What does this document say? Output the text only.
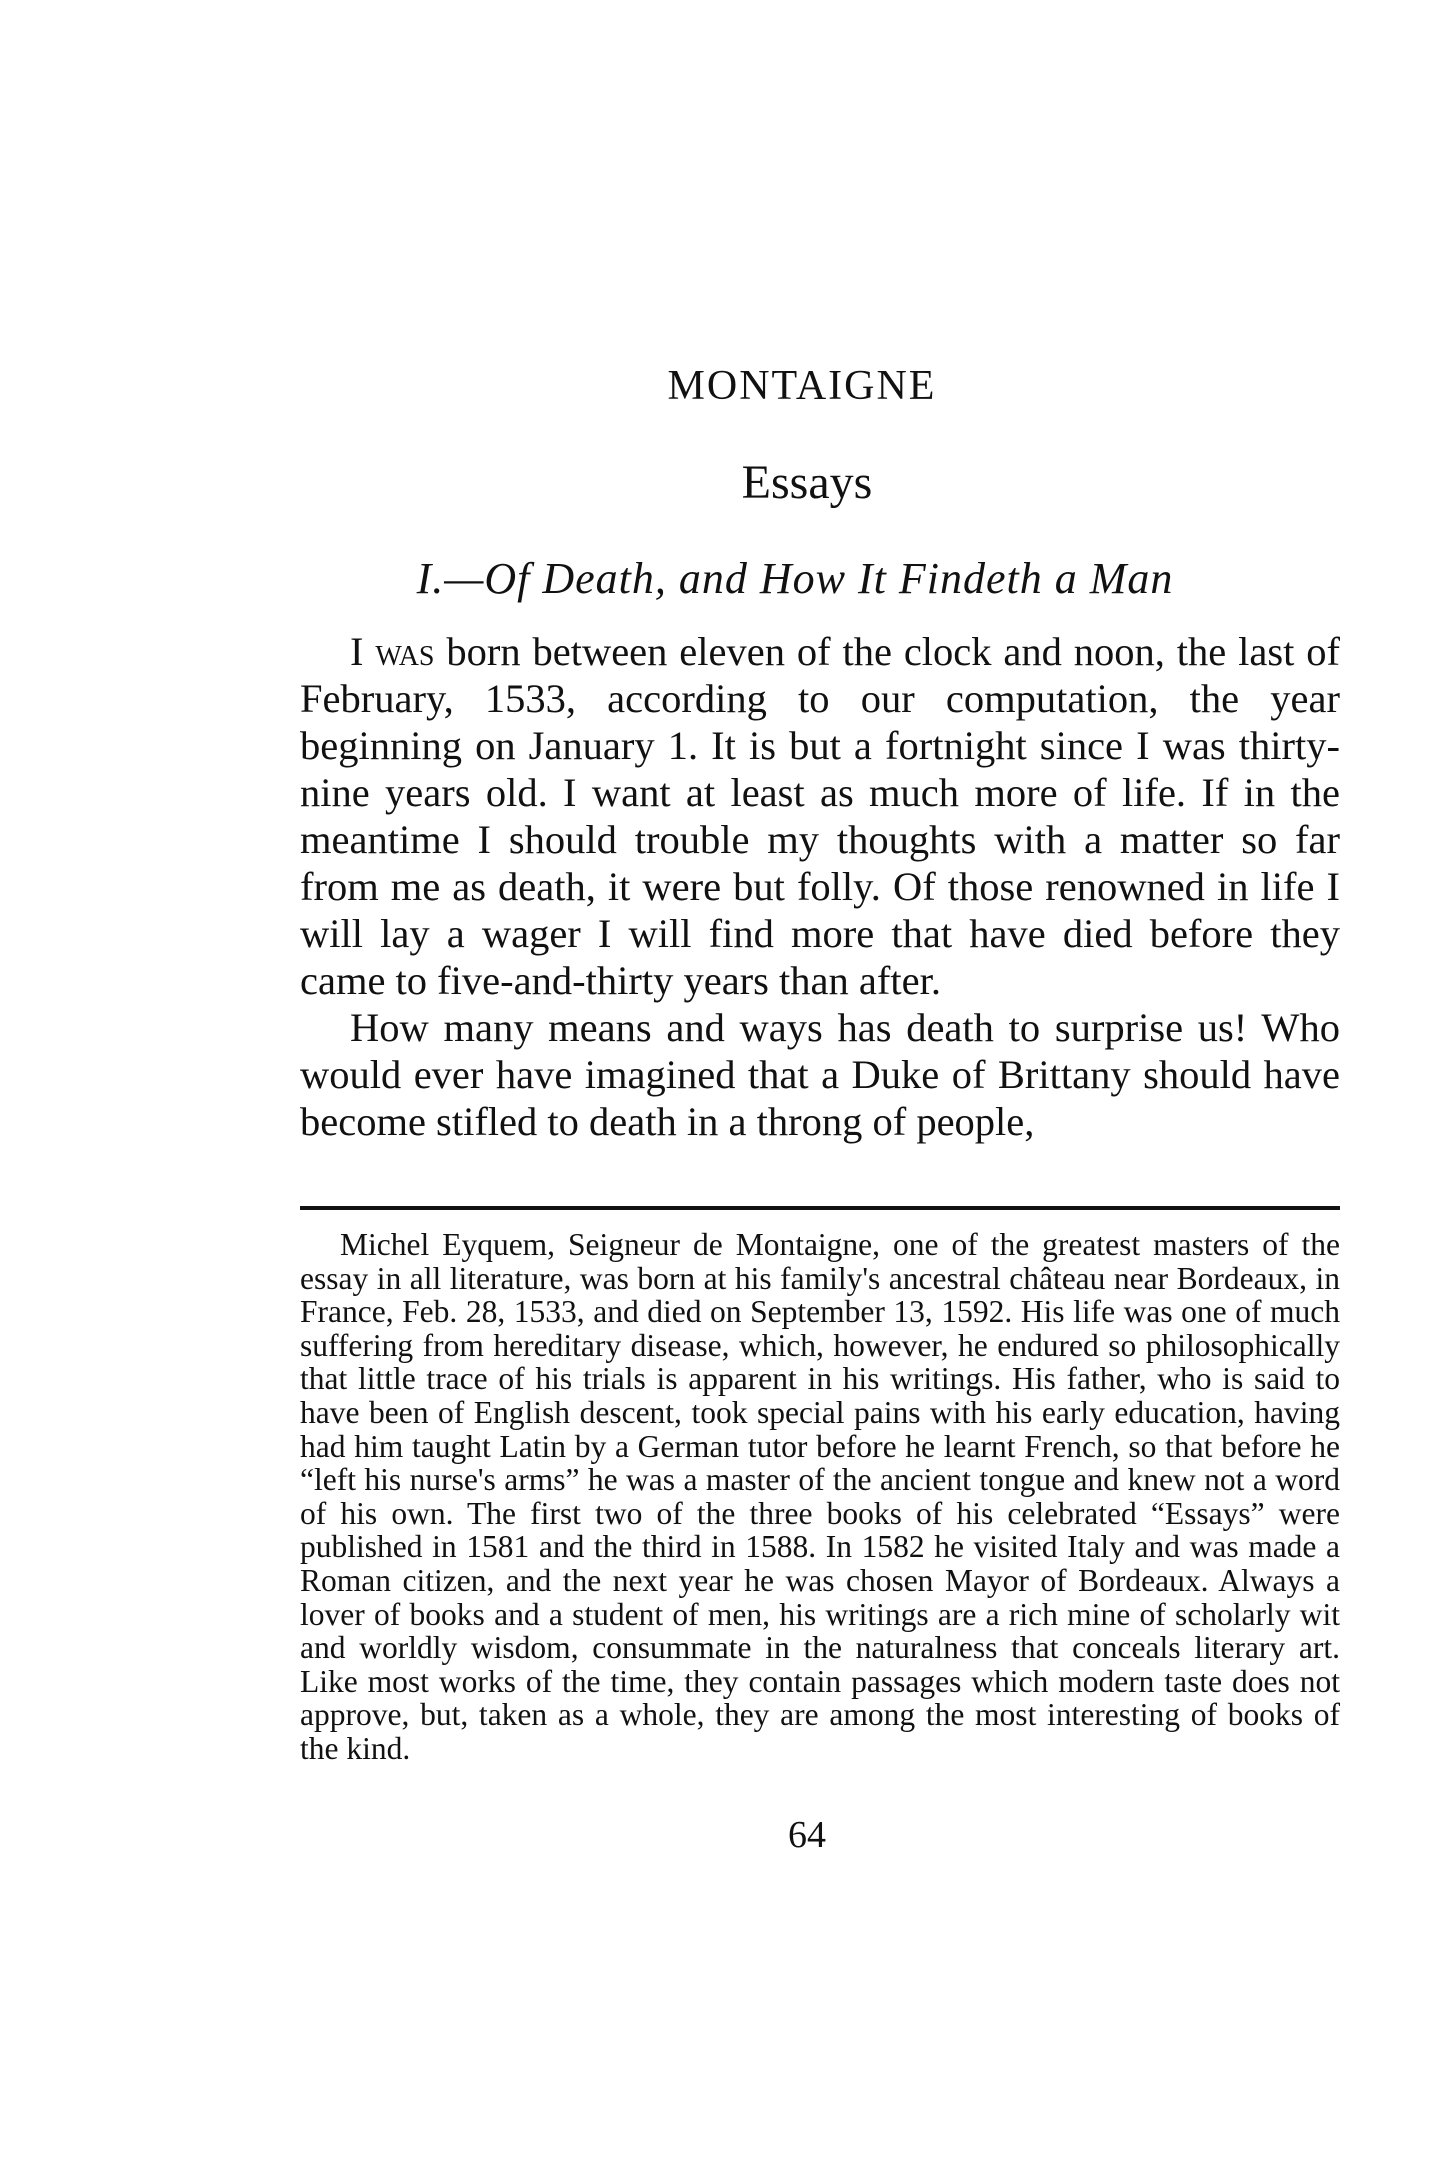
MONTAIGNE
Essays
I.—Of Death, and How It Findeth a Man

I was born between eleven of the clock and noon, the last of February, 1533, according to our computation, the year beginning on January 1. It is but a fortnight since I was thirty-nine years old. I want at least as much more of life. If in the meantime I should trouble my thoughts with a matter so far from me as death, it were but folly. Of those renowned in life I will lay a wager I will find more that have died before they came to five-and-thirty years than after.

How many means and ways has death to surprise us! Who would ever have imagined that a Duke of Brittany should have become stifled to death in a throng of people,

Michel Eyquem, Seigneur de Montaigne, one of the greatest masters of the essay in all literature, was born at his family's ancestral château near Bordeaux, in France, Feb. 28, 1533, and died on September 13, 1592. His life was one of much suffering from hereditary disease, which, however, he endured so philosophically that little trace of his trials is apparent in his writings. His father, who is said to have been of English descent, took special pains with his early education, having had him taught Latin by a German tutor before he learnt French, so that before he “left his nurse's arms” he was a master of the ancient tongue and knew not a word of his own. The first two of the three books of his celebrated “Essays” were published in 1581 and the third in 1588. In 1582 he visited Italy and was made a Roman citizen, and the next year he was chosen Mayor of Bordeaux. Always a lover of books and a student of men, his writings are a rich mine of scholarly wit and worldly wisdom, consummate in the naturalness that conceals literary art. Like most works of the time, they contain passages which modern taste does not approve, but, taken as a whole, they are among the most interesting of books of the kind.

64
